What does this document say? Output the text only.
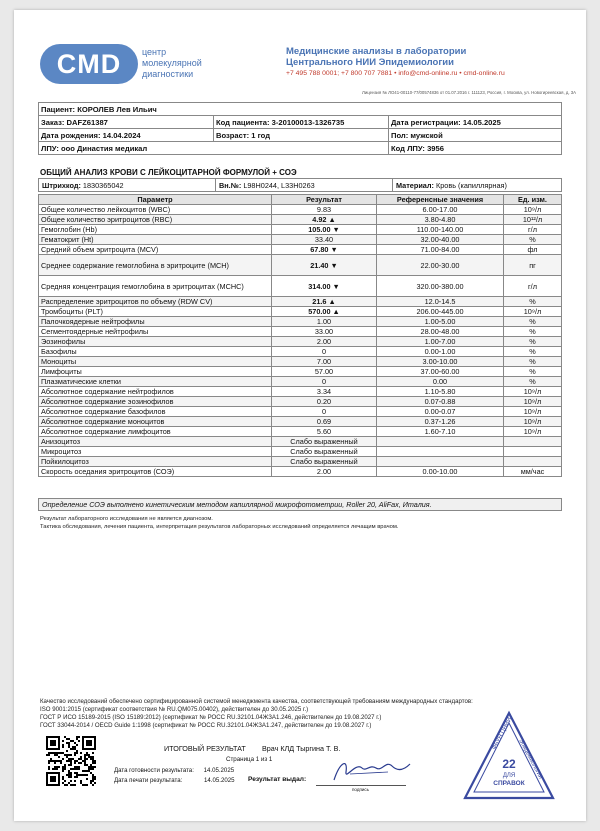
CMD	центр
молекулярной
диагностики
Медицинские анализы в лаборатории
Центрального НИИ Эпидемиологии
+7 495 788 0001; +7 800 707 7881 • info@cmd-online.ru • cmd-online.ru
Лицензия № ЛО41-00110-77/00574836 от 01.07.2016 г. 111123, Россия, г. Москва, ул. Новогиреевская, д. 3А
Пациент: КОРОЛЕВ Лев Ильич		
Заказ: DAFZ61387	Код пациента: 3-20100013-1326735	Дата регистрации: 14.05.2025
Дата рождения: 14.04.2024	Возраст: 1 год	Пол: мужской
ЛПУ: ооо Династия медикал		Код ЛПУ: 3956
ОБЩИЙ АНАЛИЗ КРОВИ С ЛЕЙКОЦИТАРНОЙ ФОРМУЛОЙ + СОЭ
Штрихкод: 1830365042	Вн.№: L98H0244, L33H0263	Материал: Кровь (капиллярная)
Параметр	Результат	Референсные значения	Ед. изм.
Общее количество лейкоцитов (WBC)	9.83	6.00-17.00	10⁹/л
Общее количество эритроцитов (RBC)	4.92 ▲	3.80-4.80	10¹²/л
Гемоглобин (Hb)	105.00 ▼	110.00-140.00	г/л
Гематокрит (Ht)	33.40	32.00-40.00	%
Средний объем эритроцита (MCV)	67.80 ▼	71.00-84.00	фл
Среднее содержание гемоглобина в эритроците (MCH)	21.40 ▼	22.00-30.00	пг
Средняя концентрация гемоглобина в эритроцитах (MCHC)	314.00 ▼	320.00-380.00	г/л
Распределение эритроцитов по объему (RDW CV)	21.6 ▲	12.0-14.5	%
Тромбоциты (PLT)	570.00 ▲	206.00-445.00	10⁹/л
Палочкоядерные нейтрофилы	1.00	1.00-5.00	%
Сегментоядерные нейтрофилы	33.00	28.00-48.00	%
Эозинофилы	2.00	1.00-7.00	%
Базофилы	0	0.00-1.00	%
Моноциты	7.00	3.00-10.00	%
Лимфоциты	57.00	37.00-60.00	%
Плазматические клетки	0	0.00	%
Абсолютное содержание нейтрофилов	3.34	1.10-5.80	10⁹/л
Абсолютное содержание эозинофилов	0.20	0.07-0.88	10⁹/л
Абсолютное содержание базофилов	0	0.00-0.07	10⁹/л
Абсолютное содержание моноцитов	0.69	0.37-1.26	10⁹/л
Абсолютное содержание лимфоцитов	5.60	1.60-7.10	10⁹/л
Анизоцитоз	Слабо выраженный		
Микроцитоз	Слабо выраженный		
Пойкилоцитоз	Слабо выраженный		
Скорость оседания эритроцитов (СОЭ)	2.00	0.00-10.00	мм/час
Определение СОЭ выполнено кинетическим методом капиллярной микрофотометрии, Roller 20, AliFax, Италия.
Результат лабораторного исследования не является диагнозом.
Тактика обследования, лечения пациента, интерпретация результатов лабораторных исследований определяется лечащим врачом.
Качество исследований обеспечено сертифицированной системой менеджмента качества, соответствующей требованиям международных стандартов:
ISO 9001:2015 (сертификат соответствия № RU.QM075.00402), действителен до 30.05.2025 г.)
ГОСТ Р ИСО 15189-2015 (ISO 15189:2012) (сертификат № РОСС RU.32101.04ЖЗА1.246, действителен до 19.08.2027 г.)
ГОСТ 33044-2014 / OECD Guide 1:1998 (сертификат № РОСС RU.32101.04ЖЗА1.247, действителен до 19.08.2027 г.)
ИТОГОВЫЙ РЕЗУЛЬТАТ
Страница 1 из 1
Дата готовности результата: 14.05.2025
Дата печати результата:	14.05.2025
Врач КЛД Тыргина Т. В.
Результат выдал:
подпись
ФБУН ЦНИИ
Эпидемиологии
22
ДЛЯ
СПРАВОК
